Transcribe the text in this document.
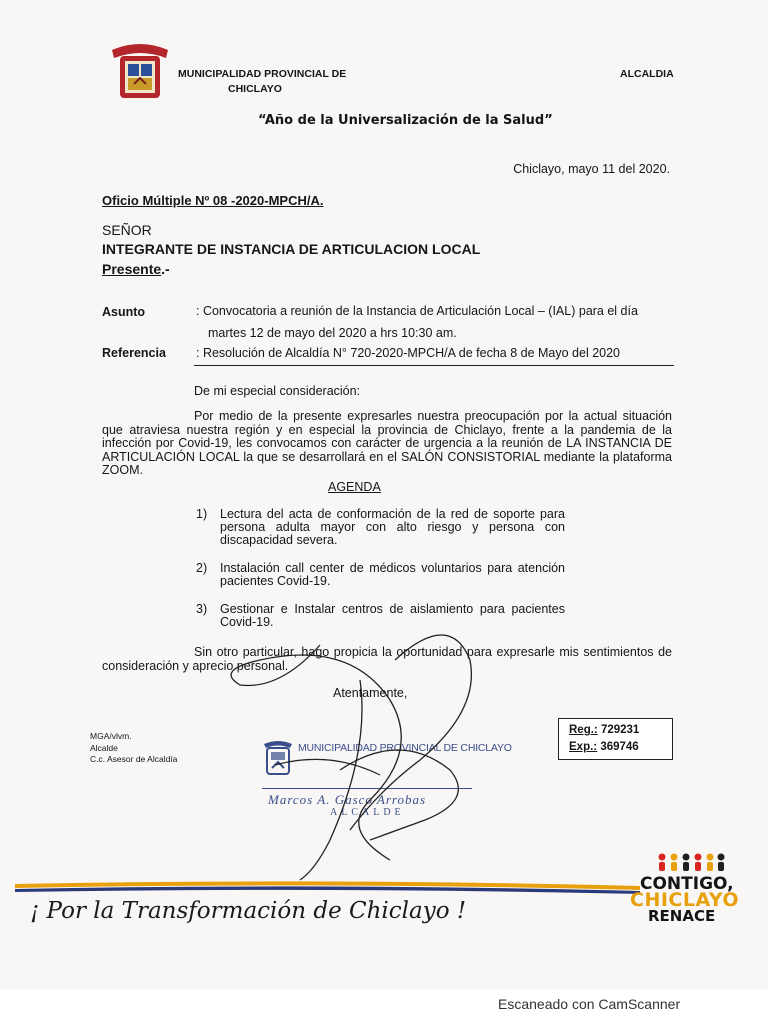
MUNICIPALIDAD PROVINCIAL DE
CHICLAYO
ALCALDIA
“Año de la Universalización de la Salud”
Chiclayo, mayo 11 del 2020.
Oficio Múltiple Nº 08 -2020-MPCH/A.
SEÑOR
INTEGRANTE DE INSTANCIA DE ARTICULACION LOCAL
Presente.-
Asunto	: Convocatoria a reunión de la Instancia de Articulación Local – (IAL) para el día
martes 12 de mayo del 2020 a hrs 10:30 am.
Referencia : Resolución de Alcaldía N° 720-2020-MPCH/A de fecha 8 de Mayo del 2020
De mi especial consideración:
Por medio de la presente expresarles nuestra preocupación por la actual situación que atraviesa nuestra región y en especial la provincia de Chiclayo, frente a la pandemia de la infección por Covid-19, les convocamos con carácter de urgencia a la reunión de LA INSTANCIA DE ARTICULACIÓN LOCAL la que se desarrollará en el SALÓN CONSISTORIAL mediante la plataforma ZOOM.
AGENDA
1) Lectura del acta de conformación de la red de soporte para persona adulta mayor con alto riesgo y persona con discapacidad severa.
2) Instalación call center de médicos voluntarios para atención pacientes Covid-19.
3) Gestionar e Instalar centros de aislamiento para pacientes Covid-19.
Sin otro particular, hago propicia la oportunidad para expresarle mis sentimientos de consideración y aprecio personal.
Atentamente,
MGA/vlvm.
Alcalde
C.c. Asesor de Alcaldía
Reg.: 729231
Exp.: 369746
MUNICIPALIDAD PROVINCIAL DE CHICLAYO
Marcos A. Gasco Arrobas
ALCALDE
¡ Por la Transformación de Chiclayo !
CONTIGO,
CHICLAYO
RENACE
Escaneado con CamScanner
